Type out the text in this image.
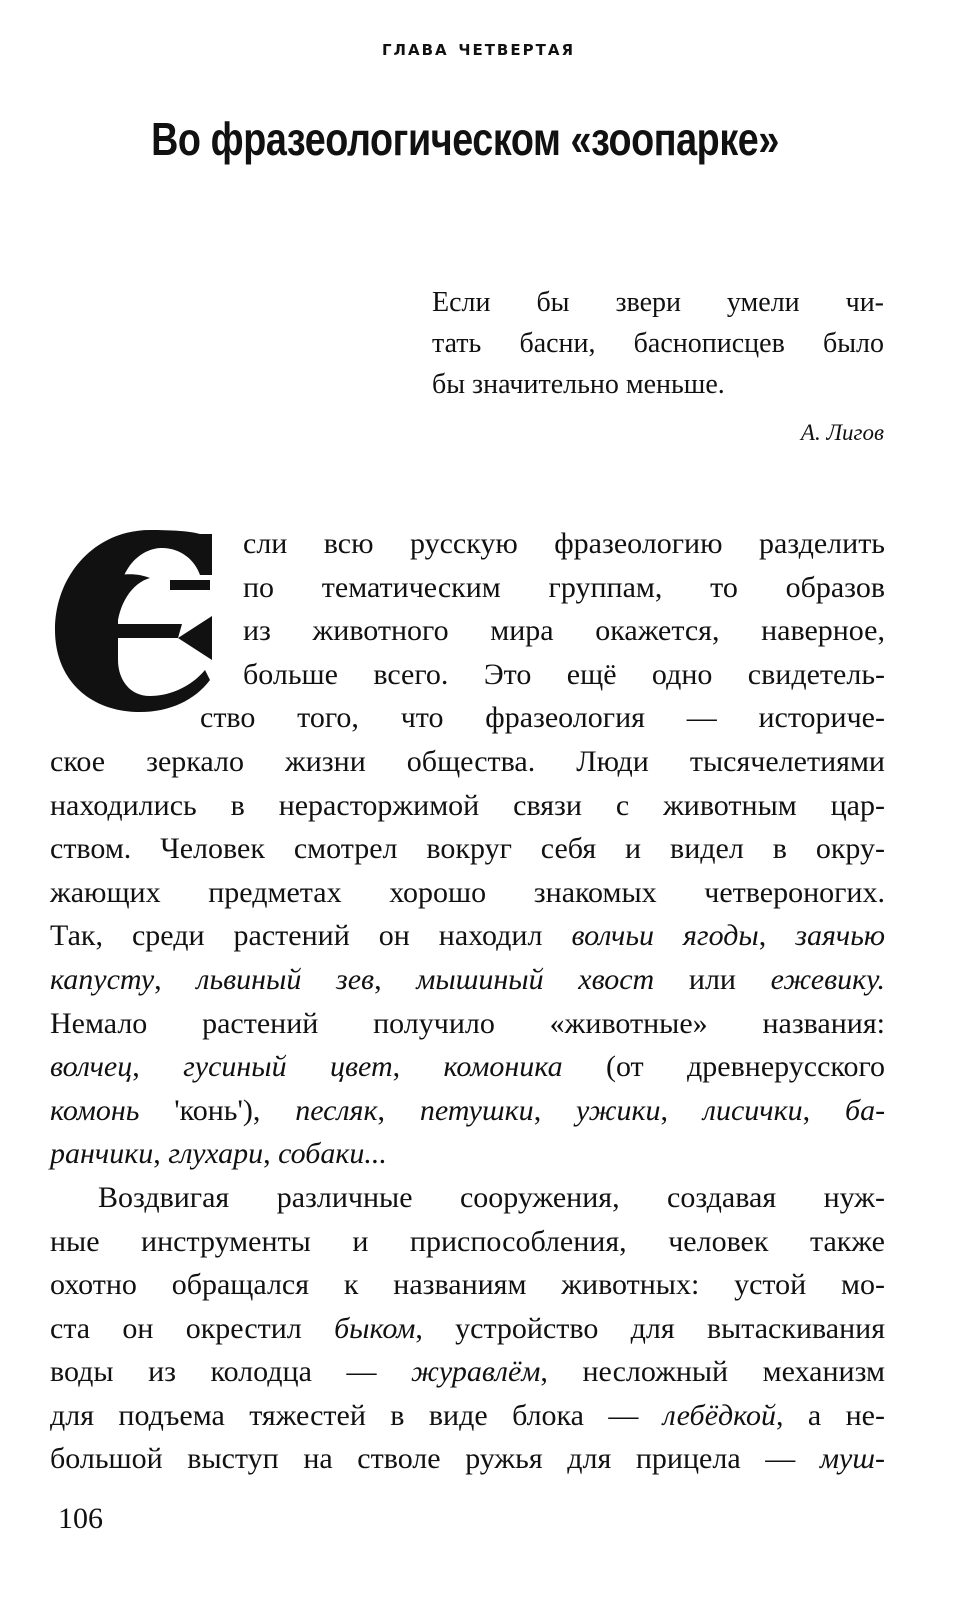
глава четвертая
Во фразеологическом «зоопарке»
Если бы звери умели чи-
тать басни, баснописцев было
бы значительно меньше.
А. Лигов
сли всю русскую фразеологию разделить
по тематическим группам, то образов
из животного мира окажется, наверное,
больше всего. Это ещё одно свидетель-
ство того, что фразеология — историче-
ское зеркало жизни общества. Люди тысячелетиями
находились в нерасторжимой связи с животным цар-
ством. Человек смотрел вокруг себя и видел в окру-
жающих предметах хорошо знакомых четвероногих.
Так, среди растений он находил волчьи ягоды, заячью
капусту, львиный зев, мышиный хвост или ежевику.
Немало растений получило «животные» названия:
волчец, гусиный цвет, комоника (от древнерусского
комонь 'конь'), песляк, петушки, ужики, лисички, ба-
ранчики, глухари, собаки...
Воздвигая различные сооружения, создавая нуж-
ные инструменты и приспособления, человек также
охотно обращался к названиям животных: устой мо-
ста он окрестил быком, устройство для вытаскивания
воды из колодца — журавлём, несложный механизм
для подъема тяжестей в виде блока — лебёдкой, а не-
большой выступ на стволе ружья для прицела — муш-
106
